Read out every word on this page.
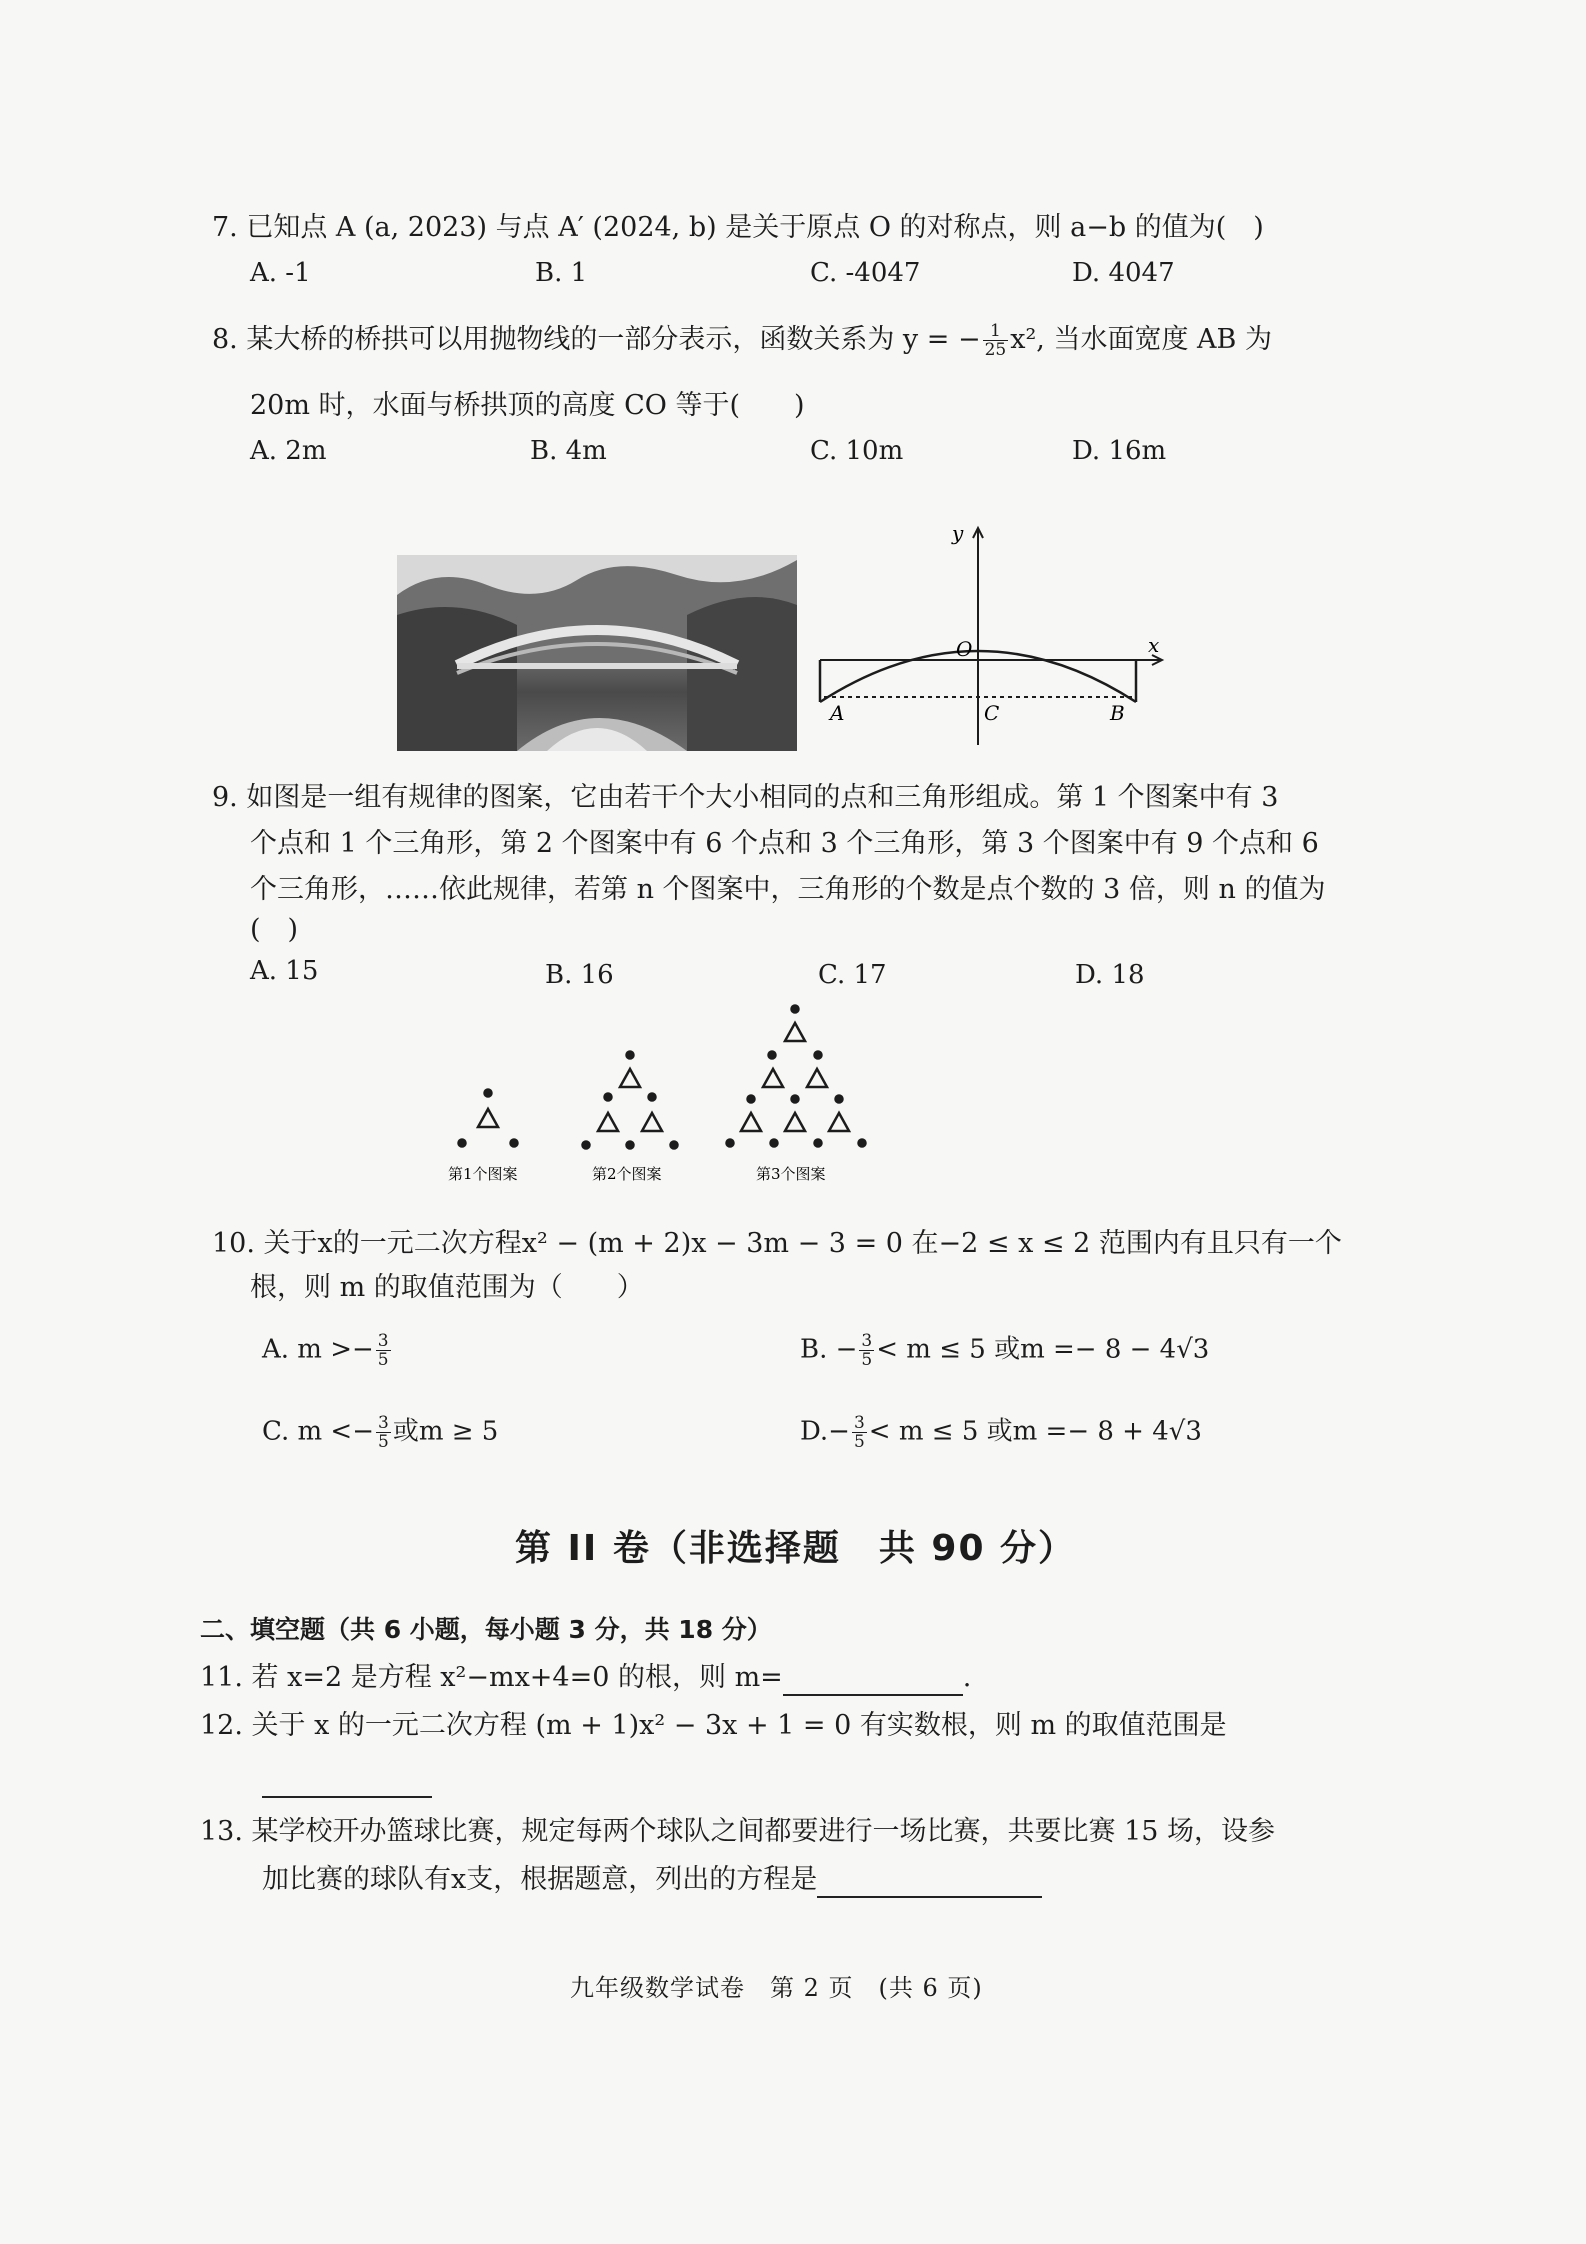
7. 已知点 A (a, 2023) 与点 A′ (2024, b) 是关于原点 O 的对称点，则 a−b 的值为(　)
A. -1	B. 1	C. -4047	D. 4047
8. 某大桥的桥拱可以用抛物线的一部分表示，函数关系为 y = − $\frac{1}{25} x^2$, 当水面宽度 AB 为
20m 时，水面与桥拱顶的高度 CO 等于(　　)
A. 2m	B. 4m	C. 10m	D. 16m
y
x
O
A	C	B
9. 如图是一组有规律的图案，它由若干个大小相同的点和三角形组成。第 1 个图案中有 3
个点和 1 个三角形，第 2 个图案中有 6 个点和 3 个三角形，第 3 个图案中有 9 个点和 6
个三角形，……依此规律，若第 n 个图案中，三角形的个数是点个数的 3 倍，则 n 的值为
(　)
A. 15	B. 16	C. 17	D. 18
第1个图案	第2个图案	第3个图案
10. 关于x的一元二次方程x² − (m + 2)x − 3m − 3 = 0 在−2 ≤ x ≤ 2 范围内有且只有一个
根，则 m 的取值范围为（　　）
A. $m >- \frac{3}{5}$	B. − $\frac{3}{5} < m \le 5$ 或m =− 8 − 4√3
C. $m <- \frac{3}{5}$ 或m ≥ 5	$D.- \frac{3}{5} < m \le 5$ 或m =− 8 + 4√3
第 II 卷（非选择题　共 90 分）
二、填空题（共 6 小题，每小题 3 分，共 18 分）
11. 若 x=2 是方程 x²−mx+4=0 的根，则 m=	.
12. 关于 x 的一元二次方程 (m + 1)x² − 3x + 1 = 0 有实数根，则 m 的取值范围是
13. 某学校开办篮球比赛，规定每两个球队之间都要进行一场比赛，共要比赛 15 场，设参
加比赛的球队有x支，根据题意，列出的方程是
九年级数学试卷　第 2 页　(共 6 页)
